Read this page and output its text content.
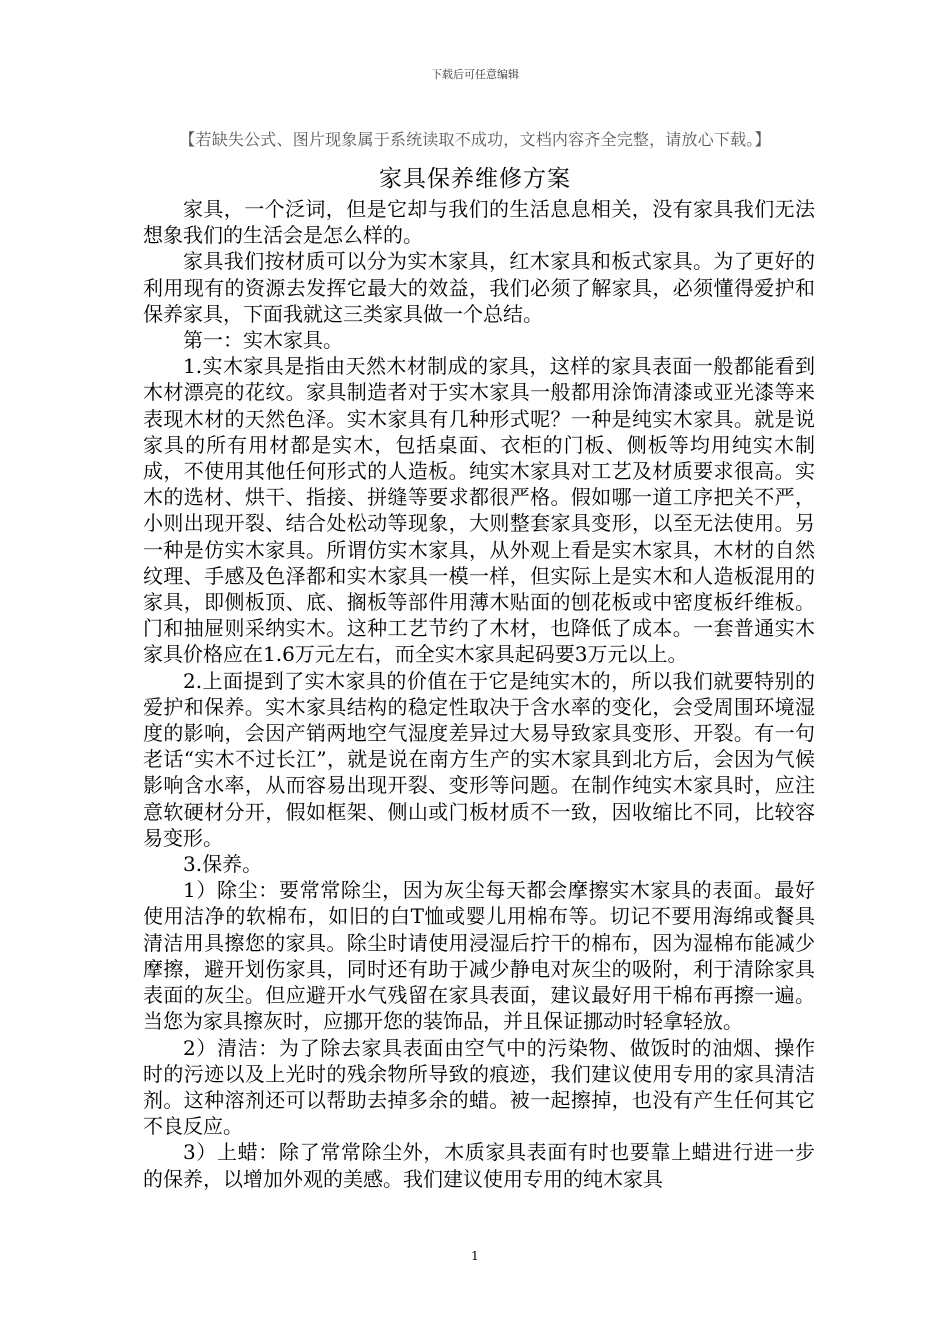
下载后可任意编辑
【若缺失公式、图片现象属于系统读取不成功，文档内容齐全完整，请放心下载。】
家具保养维修方案

家具，一个泛词，但是它却与我们的生活息息相关，没有家具我们无法想象我们的生活会是怎么样的。

家具我们按材质可以分为实木家具，红木家具和板式家具。为了更好的利用现有的资源去发挥它最大的效益，我们必须了解家具，必须懂得爱护和保养家具，下面我就这三类家具做一个总结。

第一：实木家具。

1.实木家具是指由天然木材制成的家具，这样的家具表面一般都能看到木材漂亮的花纹。家具制造者对于实木家具一般都用涂饰清漆或亚光漆等来表现木材的天然色泽。实木家具有几种形式呢？一种是纯实木家具。就是说家具的所有用材都是实木，包括桌面、衣柜的门板、侧板等均用纯实木制成，不使用其他任何形式的人造板。纯实木家具对工艺及材质要求很高。实木的选材、烘干、指接、拼缝等要求都很严格。假如哪一道工序把关不严，小则出现开裂、结合处松动等现象，大则整套家具变形，以至无法使用。另一种是仿实木家具。所谓仿实木家具，从外观上看是实木家具，木材的自然纹理、手感及色泽都和实木家具一模一样，但实际上是实木和人造板混用的家具，即侧板顶、底、搁板等部件用薄木贴面的刨花板或中密度板纤维板。门和抽屉则采纳实木。这种工艺节约了木材，也降低了成本。一套普通实木家具价格应在1.6万元左右，而全实木家具起码要3万元以上。

2.上面提到了实木家具的价值在于它是纯实木的，所以我们就要特别的爱护和保养。实木家具结构的稳定性取决于含水率的变化，会受周围环境湿度的影响，会因产销两地空气湿度差异过大易导致家具变形、开裂。有一句老话“实木不过长江”，就是说在南方生产的实木家具到北方后，会因为气候影响含水率，从而容易出现开裂、变形等问题。在制作纯实木家具时，应注意软硬材分开，假如框架、侧山或门板材质不一致，因收缩比不同，比较容易变形。

3.保养。

1）除尘：要常常除尘，因为灰尘每天都会摩擦实木家具的表面。最好使用洁净的软棉布，如旧的白T恤或婴儿用棉布等。切记不要用海绵或餐具清洁用具擦您的家具。除尘时请使用浸湿后拧干的棉布，因为湿棉布能减少摩擦，避开划伤家具，同时还有助于减少静电对灰尘的吸附，利于清除家具表面的灰尘。但应避开水气残留在家具表面，建议最好用干棉布再擦一遍。当您为家具擦灰时，应挪开您的装饰品，并且保证挪动时轻拿轻放。

2）清洁：为了除去家具表面由空气中的污染物、做饭时的油烟、操作时的污迹以及上光时的残余物所导致的痕迹，我们建议使用专用的家具清洁剂。这种溶剂还可以帮助去掉多余的蜡。被一起擦掉，也没有产生任何其它不良反应。

3）上蜡：除了常常除尘外，木质家具表面有时也要靠上蜡进行进一步的保养，以增加外观的美感。我们建议使用专用的纯木家具

1
